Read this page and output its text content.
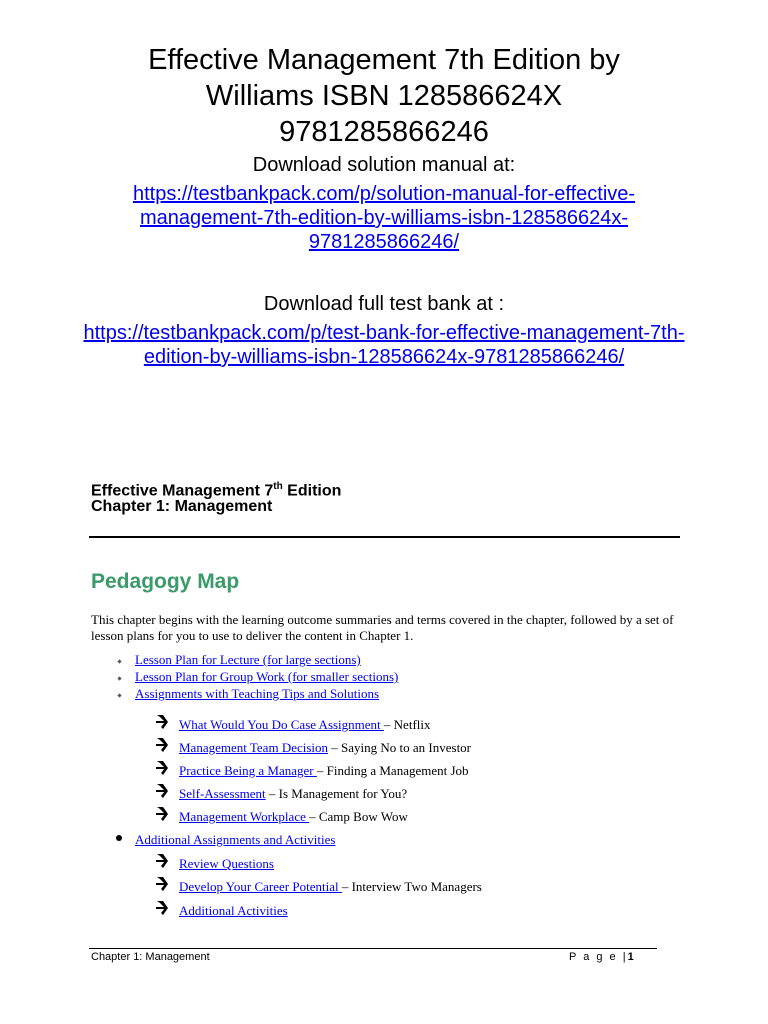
Effective Management 7th Edition by
Williams ISBN 128586624X
9781285866246
Download solution manual at:
https://testbankpack.com/p/solution-manual-for-effective-
management-7th-edition-by-williams-isbn-128586624x-
9781285866246/
Download full test bank at :
https://testbankpack.com/p/test-bank-for-effective-management-7th-
edition-by-williams-isbn-128586624x-9781285866246/
Effective Management 7th Edition
Chapter 1: Management
Pedagogy Map
This chapter begins with the learning outcome summaries and terms covered in the chapter, followed by a set of lesson plans for you to use to deliver the content in Chapter 1.
Lesson Plan for Lecture (for large sections)
Lesson Plan for Group Work (for smaller sections)
Assignments with Teaching Tips and Solutions
What Would You Do Case Assignment – Netflix
Management Team Decision – Saying No to an Investor
Practice Being a Manager – Finding a Management Job
Self-Assessment – Is Management for You?
Management Workplace – Camp Bow Wow
Additional Assignments and Activities
Review Questions
Develop Your Career Potential – Interview Two Managers
Additional Activities
Chapter 1: Management	P a g e |1
